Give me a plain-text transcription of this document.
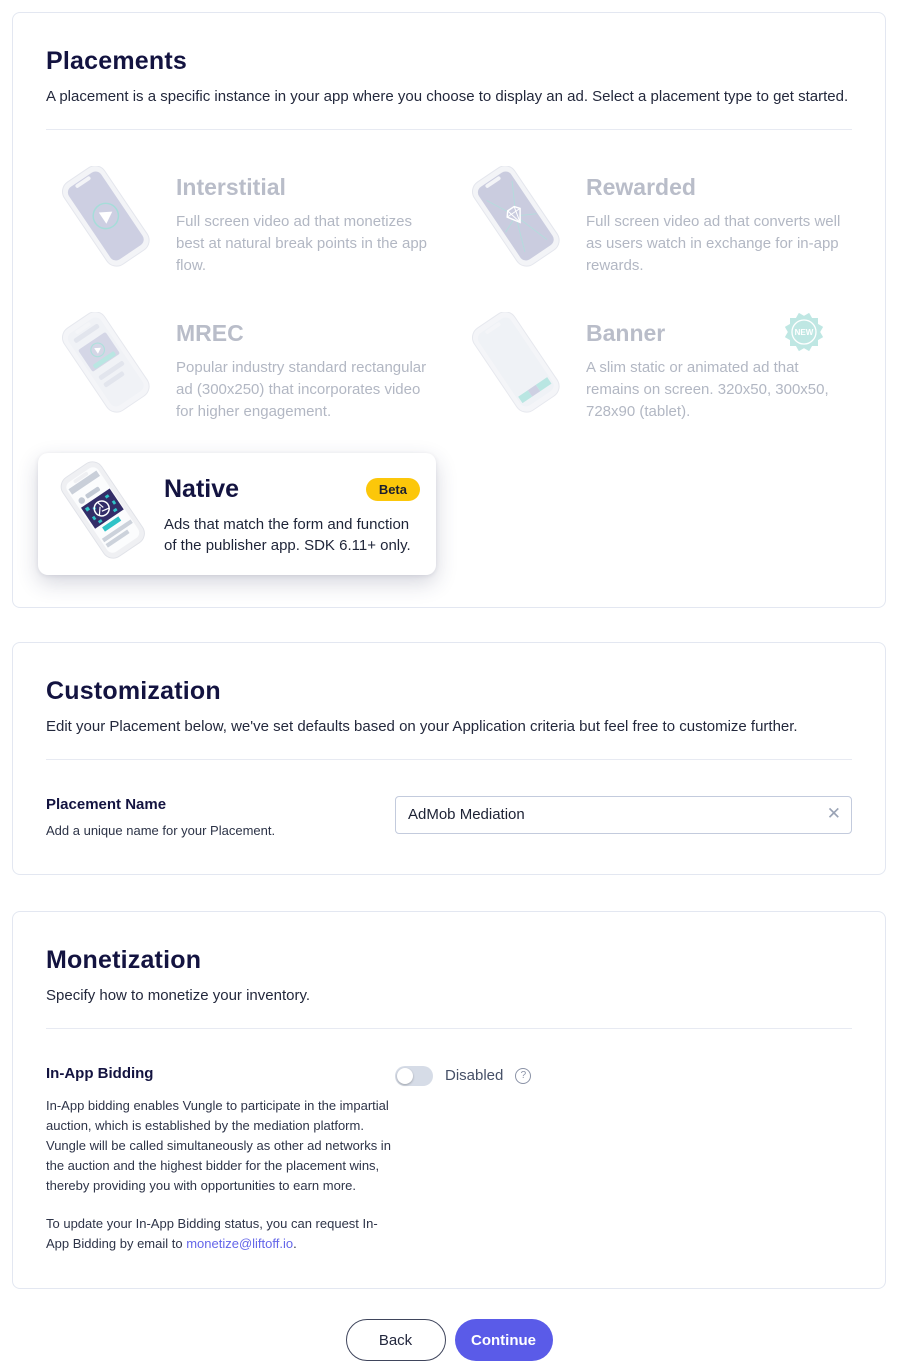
Placements

A placement is a specific instance in your app where you choose to display an ad. Select a placement type to get started.

Interstitial

Full screen video ad that monetizes best at natural break points in the app flow.

Rewarded

Full screen video ad that converts well as users watch in exchange for in-app rewards.

MREC

Popular industry standard rectangular ad (300x250) that incorporates video for higher engagement.

Banner

A slim static or animated ad that remains on screen. 320x50, 300x50, 728x90 (tablet).

NEW
Native	Beta

Ads that match the form and function of the publisher app. SDK 6.11+ only.

Customization

Edit your Placement below, we've set defaults based on your Application criteria but feel free to customize further.

Placement Name

Add a unique name for your Placement.

AdMob Mediation
✕
Monetization

Specify how to monetize your inventory.

In-App Bidding

In-App bidding enables Vungle to participate in the impartial auction, which is established by the mediation platform. Vungle will be called simultaneously as other ad networks in the auction and the highest bidder for the placement wins, thereby providing you with opportunities to earn more.

To update your In-App Bidding status, you can request In-App Bidding by email to monetize@liftoff.io.

Disabled	?
Back	Continue
